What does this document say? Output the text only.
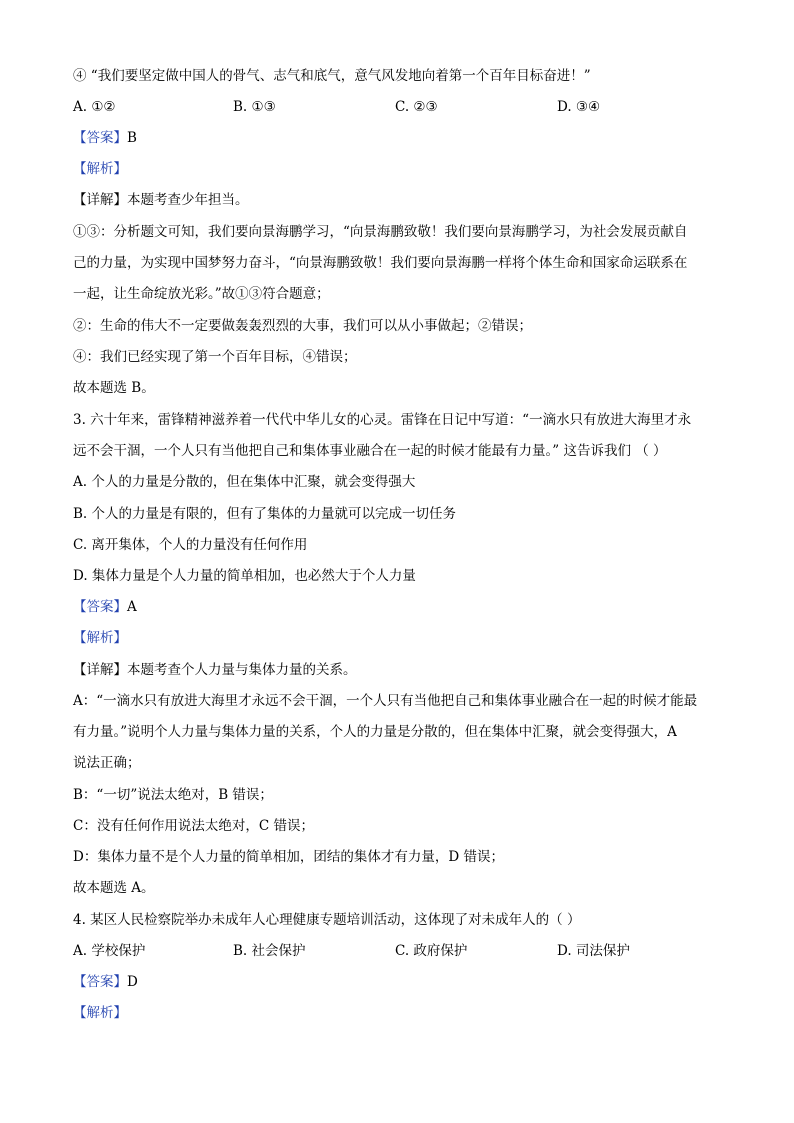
④ “我们要坚定做中国人的骨气、志气和底气，意气风发地向着第一个百年目标奋进！”
A. ①②	B. ①③	C. ②③	D. ③④
【答案】B
【解析】
【详解】本题考查少年担当。
①③：分析题文可知，我们要向景海鹏学习，“向景海鹏致敬！我们要向景海鹏学习，为社会发展贡献自
己的力量，为实现中国梦努力奋斗，“向景海鹏致敬！我们要向景海鹏一样将个体生命和国家命运联系在
一起，让生命绽放光彩。”故①③符合题意；
②：生命的伟大不一定要做轰轰烈烈的大事，我们可以从小事做起；②错误；
④：我们已经实现了第一个百年目标，④错误；
故本题选 B。
3. 六十年来，雷锋精神滋养着一代代中华儿女的心灵。雷锋在日记中写道：“一滴水只有放进大海里才永
远不会干涸，一个人只有当他把自己和集体事业融合在一起的时候才能最有力量。” 这告诉我们 （ ）
A. 个人的力量是分散的，但在集体中汇聚，就会变得强大
B. 个人的力量是有限的，但有了集体的力量就可以完成一切任务
C. 离开集体，个人的力量没有任何作用
D. 集体力量是个人力量的简单相加，也必然大于个人力量
【答案】A
【解析】
【详解】本题考查个人力量与集体力量的关系。
A：“一滴水只有放进大海里才永远不会干涸，一个人只有当他把自己和集体事业融合在一起的时候才能最
有力量。”说明个人力量与集体力量的关系，个人的力量是分散的，但在集体中汇聚，就会变得强大，A
说法正确；
B：“一切”说法太绝对，B 错误；
C：没有任何作用说法太绝对，C 错误；
D：集体力量不是个人力量的简单相加，团结的集体才有力量，D 错误；
故本题选 A。
4. 某区人民检察院举办未成年人心理健康专题培训活动，这体现了对未成年人的（ ）
A. 学校保护	B. 社会保护	C. 政府保护	D. 司法保护
【答案】D
【解析】
